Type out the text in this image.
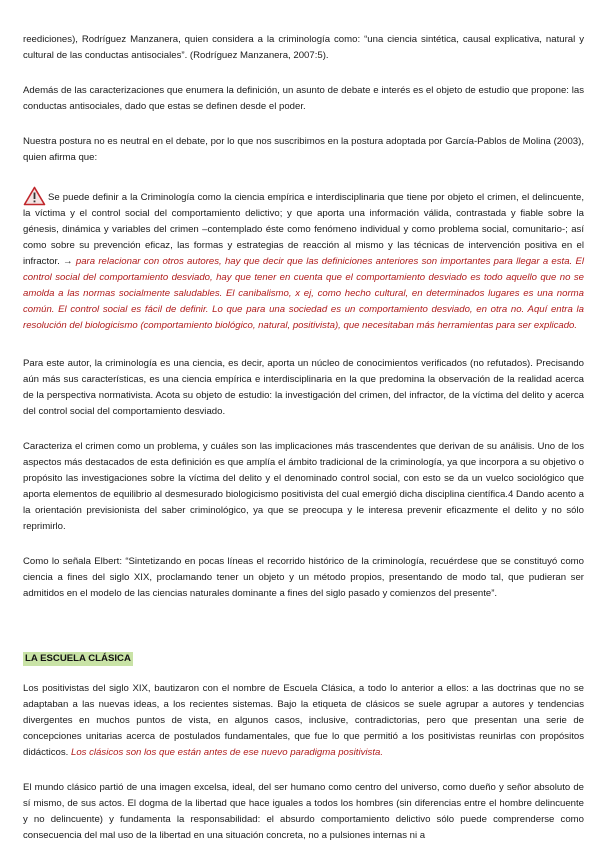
reediciones), Rodríguez Manzanera, quien considera a la criminología como: “una ciencia sintética, causal explicativa, natural y cultural de las conductas antisociales”. (Rodríguez Manzanera, 2007:5).

Además de las caracterizaciones que enumera la definición, un asunto de debate e interés es el objeto de estudio que propone: las conductas antisociales, dado que estas se definen desde el poder.

Nuestra postura no es neutral en el debate, por lo que nos suscribimos en la postura adoptada por García-Pablos de Molina (2003), quien afirma que:

Se puede definir a la Criminología como la ciencia empírica e interdisciplinaria que tiene por objeto el crimen, el delincuente, la víctima y el control social del comportamiento delictivo; y que aporta una información válida, contrastada y fiable sobre la génesis, dinámica y variables del crimen –contemplado éste como fenómeno individual y como problema social, comunitario-; así como sobre su prevención eficaz, las formas y estrategias de reacción al mismo y las técnicas de intervención positiva en el infractor. → para relacionar con otros autores, hay que decir que las definiciones anteriores son importantes para llegar a esta. El control social del comportamiento desviado, hay que tener en cuenta que el comportamiento desviado es todo aquello que no se amolda a las normas socialmente saludables. El canibalismo, x ej, como hecho cultural, en determinados lugares es una norma común. El control social es fácil de definir. Lo que para una sociedad es un comportamiento desviado, en otra no. Aquí entra la resolución del biologicismo (comportamiento biológico, natural, positivista), que necesitaban más herramientas para ser explicado.

Para este autor, la criminología es una ciencia, es decir, aporta un núcleo de conocimientos verificados (no refutados). Precisando aún más sus características, es una ciencia empírica e interdisciplinaria en la que predomina la observación de la realidad acerca de la perspectiva normativista. Acota su objeto de estudio: la investigación del crimen, del infractor, de la víctima del delito y acerca del control social del comportamiento desviado.

Caracteriza el crimen como un problema, y cuáles son las implicaciones más trascendentes que derivan de su análisis. Uno de los aspectos más destacados de esta definición es que amplía el ámbito tradicional de la criminología, ya que incorpora a su objetivo o propósito las investigaciones sobre la víctima del delito y el denominado control social, con esto se da un vuelco sociológico que aporta elementos de equilibrio al desmesurado biologicismo positivista del cual emergió dicha disciplina científica.4 Dando acento a la orientación previsionista del saber criminológico, ya que se preocupa y le interesa prevenir eficazmente el delito y no sólo reprimirlo.

Como lo señala Elbert: “Sintetizando en pocas líneas el recorrido histórico de la criminología, recuérdese que se constituyó como ciencia a fines del siglo XIX, proclamando tener un objeto y un método propios, presentando de modo tal, que pudieran ser admitidos en el modelo de las ciencias naturales dominante a fines del siglo pasado y comienzos del presente”.

LA ESCUELA CLÁSICA

Los positivistas del siglo XIX, bautizaron con el nombre de Escuela Clásica, a todo lo anterior a ellos: a las doctrinas que no se adaptaban a las nuevas ideas, a los recientes sistemas. Bajo la etiqueta de clásicos se suele agrupar a autores y tendencias divergentes en muchos puntos de vista, en algunos casos, inclusive, contradictorias, pero que presentan una serie de concepciones unitarias acerca de postulados fundamentales, que fue lo que permitió a los positivistas reunirlas con propósitos didácticos. Los clásicos son los que están antes de ese nuevo paradigma positivista.

El mundo clásico partió de una imagen excelsa, ideal, del ser humano como centro del universo, como dueño y señor absoluto de sí mismo, de sus actos. El dogma de la libertad que hace iguales a todos los hombres (sin diferencias entre el hombre delincuente y no delincuente) y fundamenta la responsabilidad: el absurdo comportamiento delictivo sólo puede comprenderse como consecuencia del mal uso de la libertad en una situación concreta, no a pulsiones internas ni a
